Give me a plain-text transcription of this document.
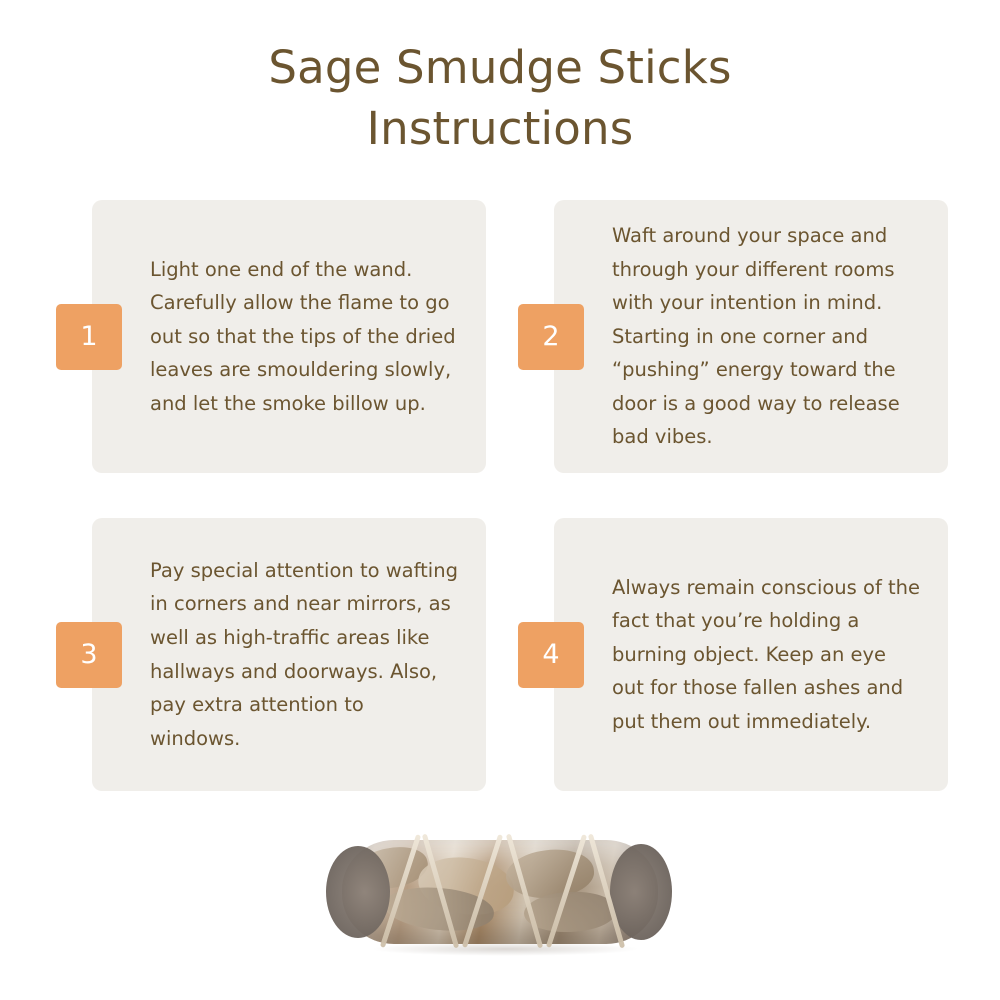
Sage Smudge Sticks
Instructions
1
Light one end of the wand. Carefully allow the flame to go out so that the tips of the dried leaves are smouldering slowly, and let the smoke billow up.
2
Waft around your space and through your different rooms with your intention in mind. Starting in one corner and “pushing” energy toward the door is a good way to release bad vibes.
3
Pay special attention to wafting in corners and near mirrors, as well as high-traffic areas like hallways and doorways. Also, pay extra attention to windows.
4
Always remain conscious of the fact that you’re holding a burning object. Keep an eye out for those fallen ashes and put them out immediately.
